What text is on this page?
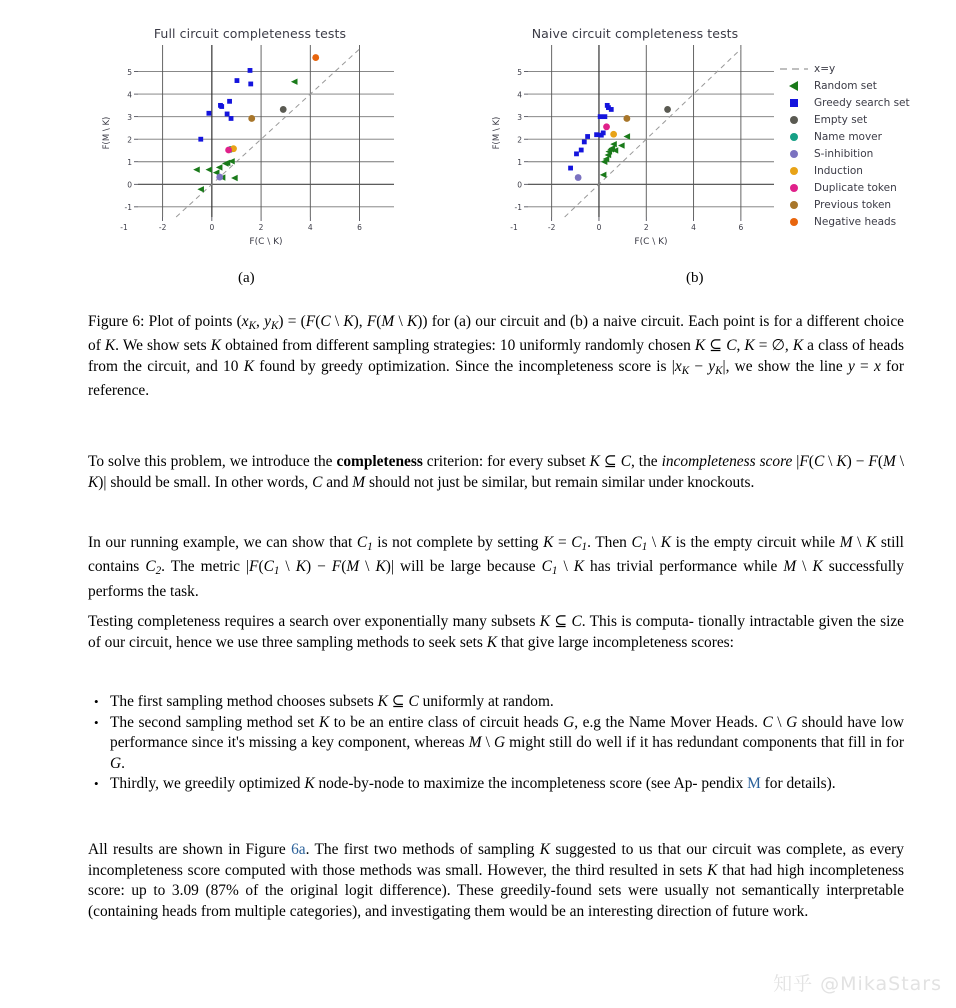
Full circuit completeness tests
-1
0
1
2
3
4
5
-2	0	2	4	6
-1
F(C \ K)
F(M \ K)
Naive circuit completeness tests
-1
0
1
2
3
4
5
-2	0	2	4	6
-1
F(C \ K)
F(M \ K)
x=y
Random set
Greedy search set
Empty set
Name mover
S-inhibition
Induction
Duplicate token
Previous token
Negative heads
(a)	(b)
Figure 6: Plot of points ($x_K$, $y_K) = (F(C$ \ K), F(M \ K)) for (a) our circuit and (b) a naive circuit. Each point is for a different choice of K. We show sets K obtained from different sampling strategies: 10 uniformly randomly chosen K ⊆ C, K = ∅, K a class of heads from the circuit, and 10 K found by greedy optimization. Since the incompleteness score is $|x_K - y_K|$, we show the line y = x for reference.
To solve this problem, we introduce the completeness criterion: for every subset K ⊆ C, the incompleteness score |F(C \ K) − F(M \ K)| should be small. In other words, C and M should not just be similar, but remain similar under knockouts.
In our running example, we can show that $C_1$ is not complete by setting $K = C_1$. Then $C_1$ \ K is the empty circuit while M \ K still contains $C_2$. The metric $|F(C_1$ \ K) − F(M \ K)| will be large because $C_1$ \ K has trivial performance while M \ K successfully performs the task.
Testing completeness requires a search over exponentially many subsets K ⊆ C. This is computa- tionally intractable given the size of our circuit, hence we use three sampling methods to seek sets K that give large incompleteness scores:
• The first sampling method chooses subsets K ⊆ C uniformly at random.
• The second sampling method set K to be an entire class of circuit heads G, e.g the Name Mover Heads. C \ G should have low performance since it's missing a key component, whereas M \ G might still do well if it has redundant components that fill in for G.
• Thirdly, we greedily optimized K node-by-node to maximize the incompleteness score (see Ap- pendix M for details).
All results are shown in Figure 6a. The first two methods of sampling K suggested to us that our circuit was complete, as every incompleteness score computed with those methods was small. However, the third resulted in sets K that had high incompleteness score: up to 3.09 (87% of the original logit difference). These greedily-found sets were usually not semantically interpretable (containing heads from multiple categories), and investigating them would be an interesting direction of future work.
知乎 @MikaStars
